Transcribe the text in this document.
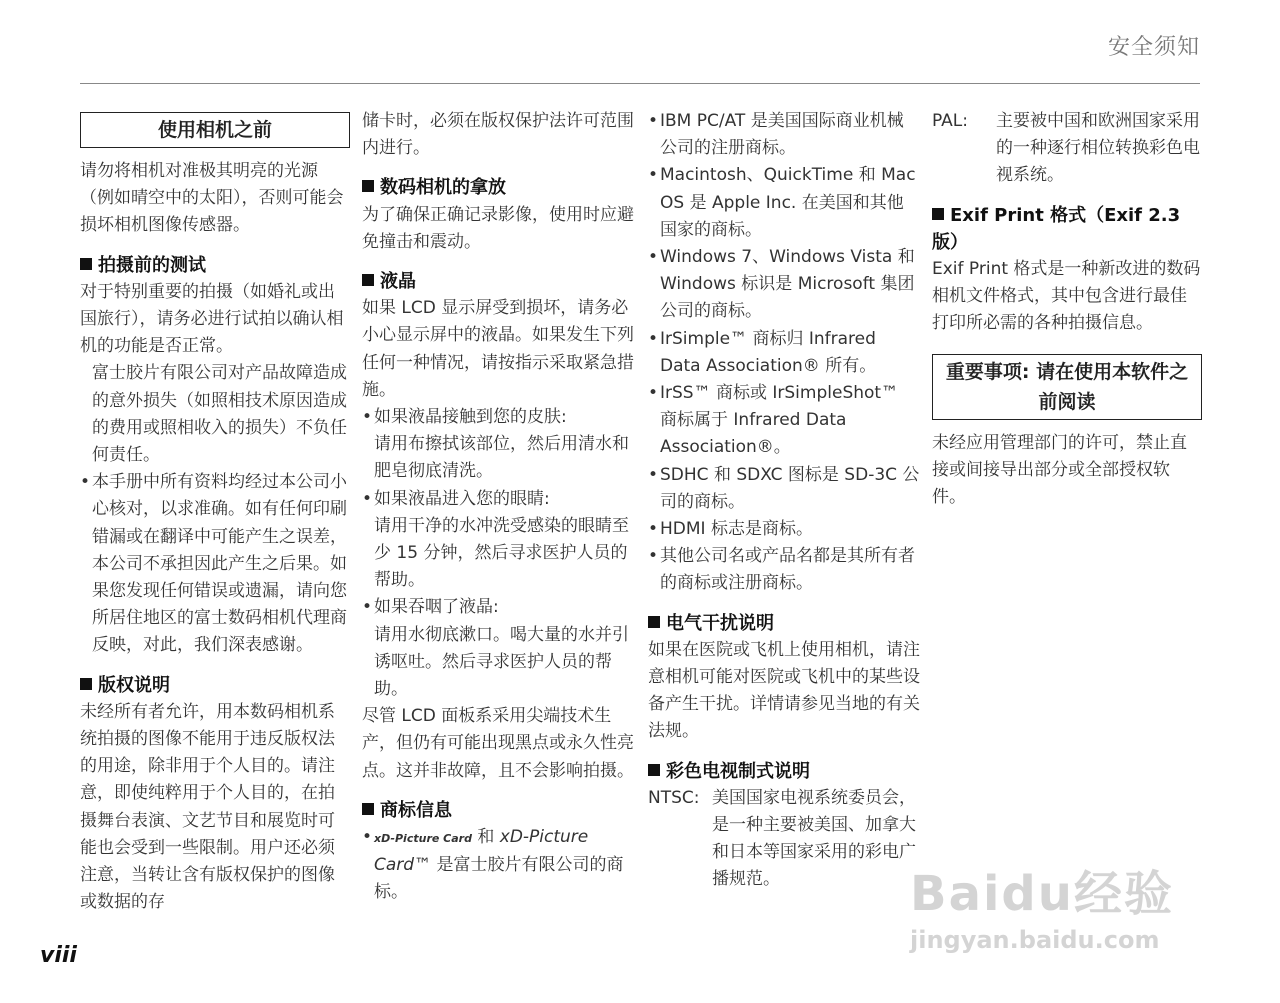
安全须知
使用相机之前

请勿将相机对准极其明亮的光源（例如晴空中的太阳），否则可能会损坏相机图像传感器。

拍摄前的测试

对于特别重要的拍摄（如婚礼或出国旅行），请务必进行试拍以确认相机的功能是否正常。

富士胶片有限公司对产品故障造成的意外损失（如照相技术原因造成的费用或照相收入的损失）不负任何责任。

• 本手册中所有资料均经过本公司小心核对，以求准确。如有任何印刷错漏或在翻译中可能产生之误差，本公司不承担因此产生之后果。如果您发现任何错误或遗漏，请向您所居住地区的富士数码相机代理商反映，对此，我们深表感谢。
版权说明

未经所有者允许，用本数码相机系统拍摄的图像不能用于违反版权法的用途，除非用于个人目的。请注意，即使纯粹用于个人目的，在拍摄舞台表演、文艺节目和展览时可能也会受到一些限制。用户还必须注意，当转让含有版权保护的图像或数据的存

储卡时，必须在版权保护法许可范围内进行。

数码相机的拿放

为了确保正确记录影像，使用时应避免撞击和震动。

液晶

如果 LCD 显示屏受到损坏，请务必小心显示屏中的液晶。如果发生下列任何一种情况，请按指示采取紧急措施。

• 如果液晶接触到您的皮肤:

请用布擦拭该部位，然后用清水和肥皂彻底清洗。

• 如果液晶进入您的眼睛:

请用干净的水冲洗受感染的眼睛至少 15 分钟，然后寻求医护人员的帮助。

• 如果吞咽了液晶:

请用水彻底漱口。喝大量的水并引诱呕吐。然后寻求医护人员的帮助。

尽管 LCD 面板系采用尖端技术生产，但仍有可能出现黑点或永久性亮点。这并非故障，且不会影响拍摄。

商标信息
• xD-Picture Card 和 xD-Picture Card™ 是富士胶片有限公司的商标。
• IBM PC/AT 是美国国际商业机械公司的注册商标。
• Macintosh、QuickTime 和 Mac OS 是 Apple Inc. 在美国和其他国家的商标。
• Windows 7、Windows Vista 和 Windows 标识是 Microsoft 集团公司的商标。
• IrSimple™ 商标归 Infrared Data Association® 所有。
• IrSS™ 商标或 IrSimpleShot™ 商标属于 Infrared Data Association®。
• SDHC 和 SDXC 图标是 SD-3C 公司的商标。
• HDMI 标志是商标。
• 其他公司名或产品名都是其所有者的商标或注册商标。
电气干扰说明

如果在医院或飞机上使用相机，请注意相机可能对医院或飞机中的某些设备产生干扰。详情请参见当地的有关法规。

彩色电视制式说明
NTSC: 美国国家电视系统委员会，是一种主要被美国、加拿大和日本等国家采用的彩电广播规范。
PAL:	主要被中国和欧洲国家采用的一种逐行相位转换彩色电视系统。
Exif Print 格式（Exif 2.3 版）

Exif Print 格式是一种新改进的数码相机文件格式，其中包含进行最佳打印所必需的各种拍摄信息。

重要事项: 请在使用本软件之前阅读

未经应用管理部门的许可，禁止直接或间接导出部分或全部授权软件。

viii
Baidu经验
jingyan.baidu.com
